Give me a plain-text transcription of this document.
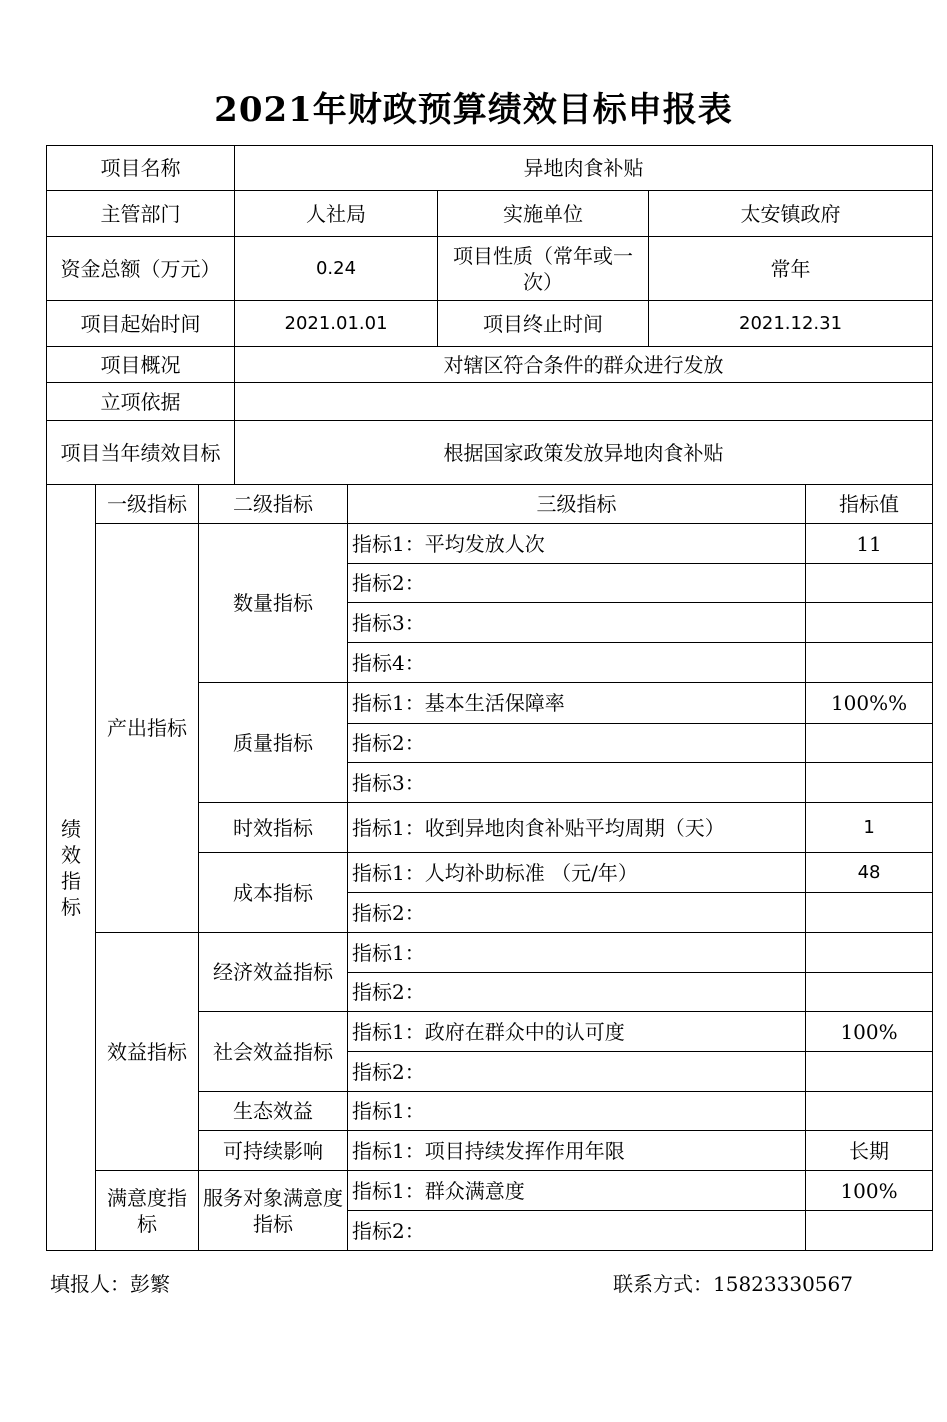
2021年财政预算绩效目标申报表
项目名称			异地肉食补贴				
主管部门			人社局		实施单位	太安镇政府	
资金总额（万元）			0.24		项目性质（常年或一次）	常年	
项目起始时间			2021.01.01		项目终止时间	2021.12.31	
项目概况			对辖区符合条件的群众进行发放				
立项依据							
项目当年绩效目标			根据国家政策发放异地肉食补贴				
绩效指标	一级指标	二级指标		三级指标			指标值
	产出指标	数量指标		指标1：平均发放人次			11
				指标2：			
				指标3：			
				指标4：			
		质量指标		指标1：基本生活保障率			100%%
				指标2：			
				指标3：			
		时效指标		指标1：收到异地肉食补贴平均周期（天）			1
		成本指标		指标1：人均补助标准 （元/年）			48
				指标2：			
	效益指标	经济效益指标		指标1：			
				指标2：			
		社会效益指标		指标1：政府在群众中的认可度			100%
				指标2：			
		生态效益		指标1：			
		可持续影响		指标1：项目持续发挥作用年限			长期
	满意度指标	服务对象满意度指标		指标1：群众满意度			100%
				指标2：			
填报人：彭繁	联系方式：15823330567
